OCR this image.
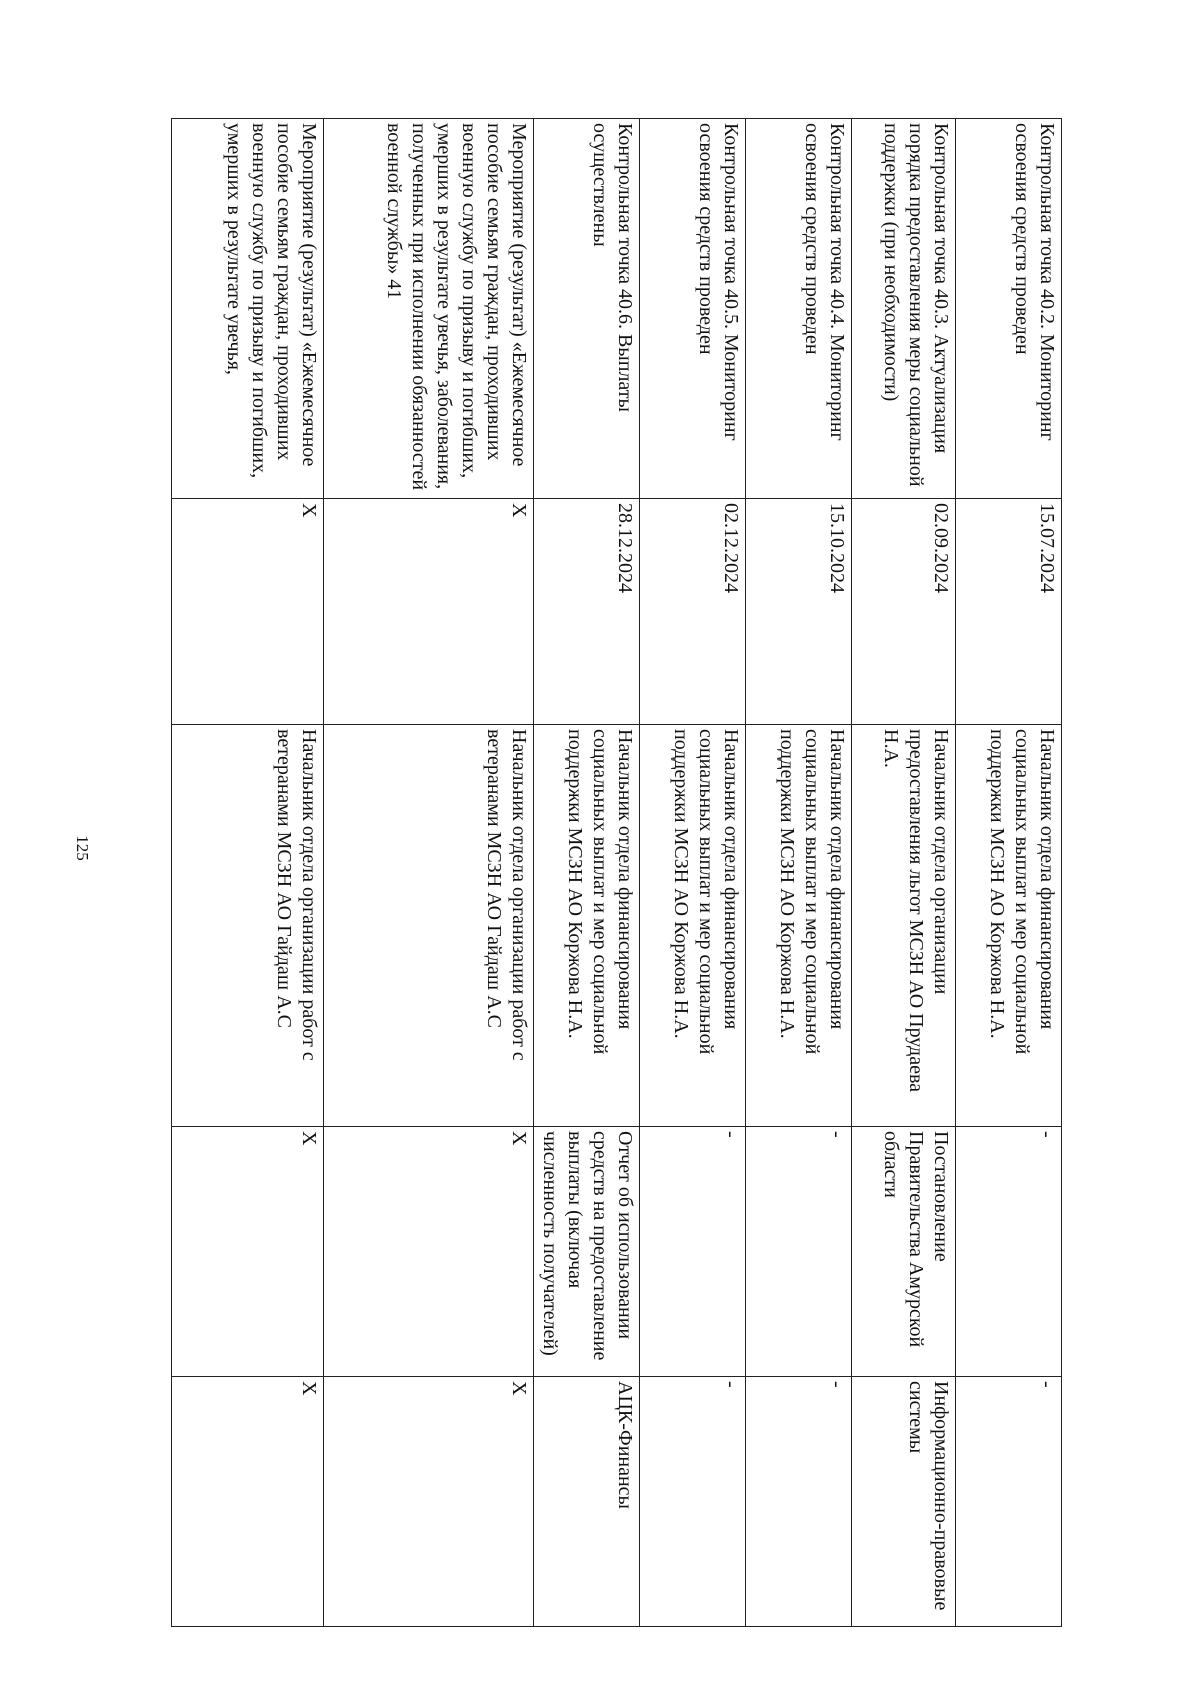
125
Контрольная точка 40.2. Мониторинг освоения средств проведен	15.07.2024	Начальник отдела финансирования социальных выплат и мер социальной поддержки МСЗН АО Коржова Н.А.	-	-
Контрольная точка 40.3. Актуализация порядка предоставления меры социальной поддержки (при необходимости)	02.09.2024	Начальник отдела организации предоставления льгот МСЗН АО Прудаева Н.А.	Постановление Правительства Амурской области	Информационно-правовые системы
Контрольная точка 40.4. Мониторинг освоения средств проведен	15.10.2024	Начальник отдела финансирования социальных выплат и мер социальной поддержки МСЗН АО Коржова Н.А.	-	-
Контрольная точка 40.5. Мониторинг освоения средств проведен	02.12.2024	Начальник отдела финансирования социальных выплат и мер социальной поддержки МСЗН АО Коржова Н.А.	-	-
Контрольная точка 40.6. Выплаты осуществлены	28.12.2024	Начальник отдела финансирования социальных выплат и мер социальной поддержки МСЗН АО Коржова Н.А.	Отчет об использовании средств на предоставление выплаты (включая численность получателей)	АЦК-Финансы
Мероприятие (результат) «Ежемесячное пособие семьям граждан, проходивших военную службу по призыву и погибших, умерших в результате увечья, заболевания, полученных при исполнении обязанностей военной службы» 41	X	Начальник отдела организации работ с ветеранами МСЗН АО Гайдаш А.С	X	X
Мероприятие (результат) «Ежемесячное пособие семьям граждан, проходивших военную службу по призыву и погибших, умерших в результате увечья,	X	Начальник отдела организации работ с ветеранами МСЗН АО Гайдаш А.С	X	X
